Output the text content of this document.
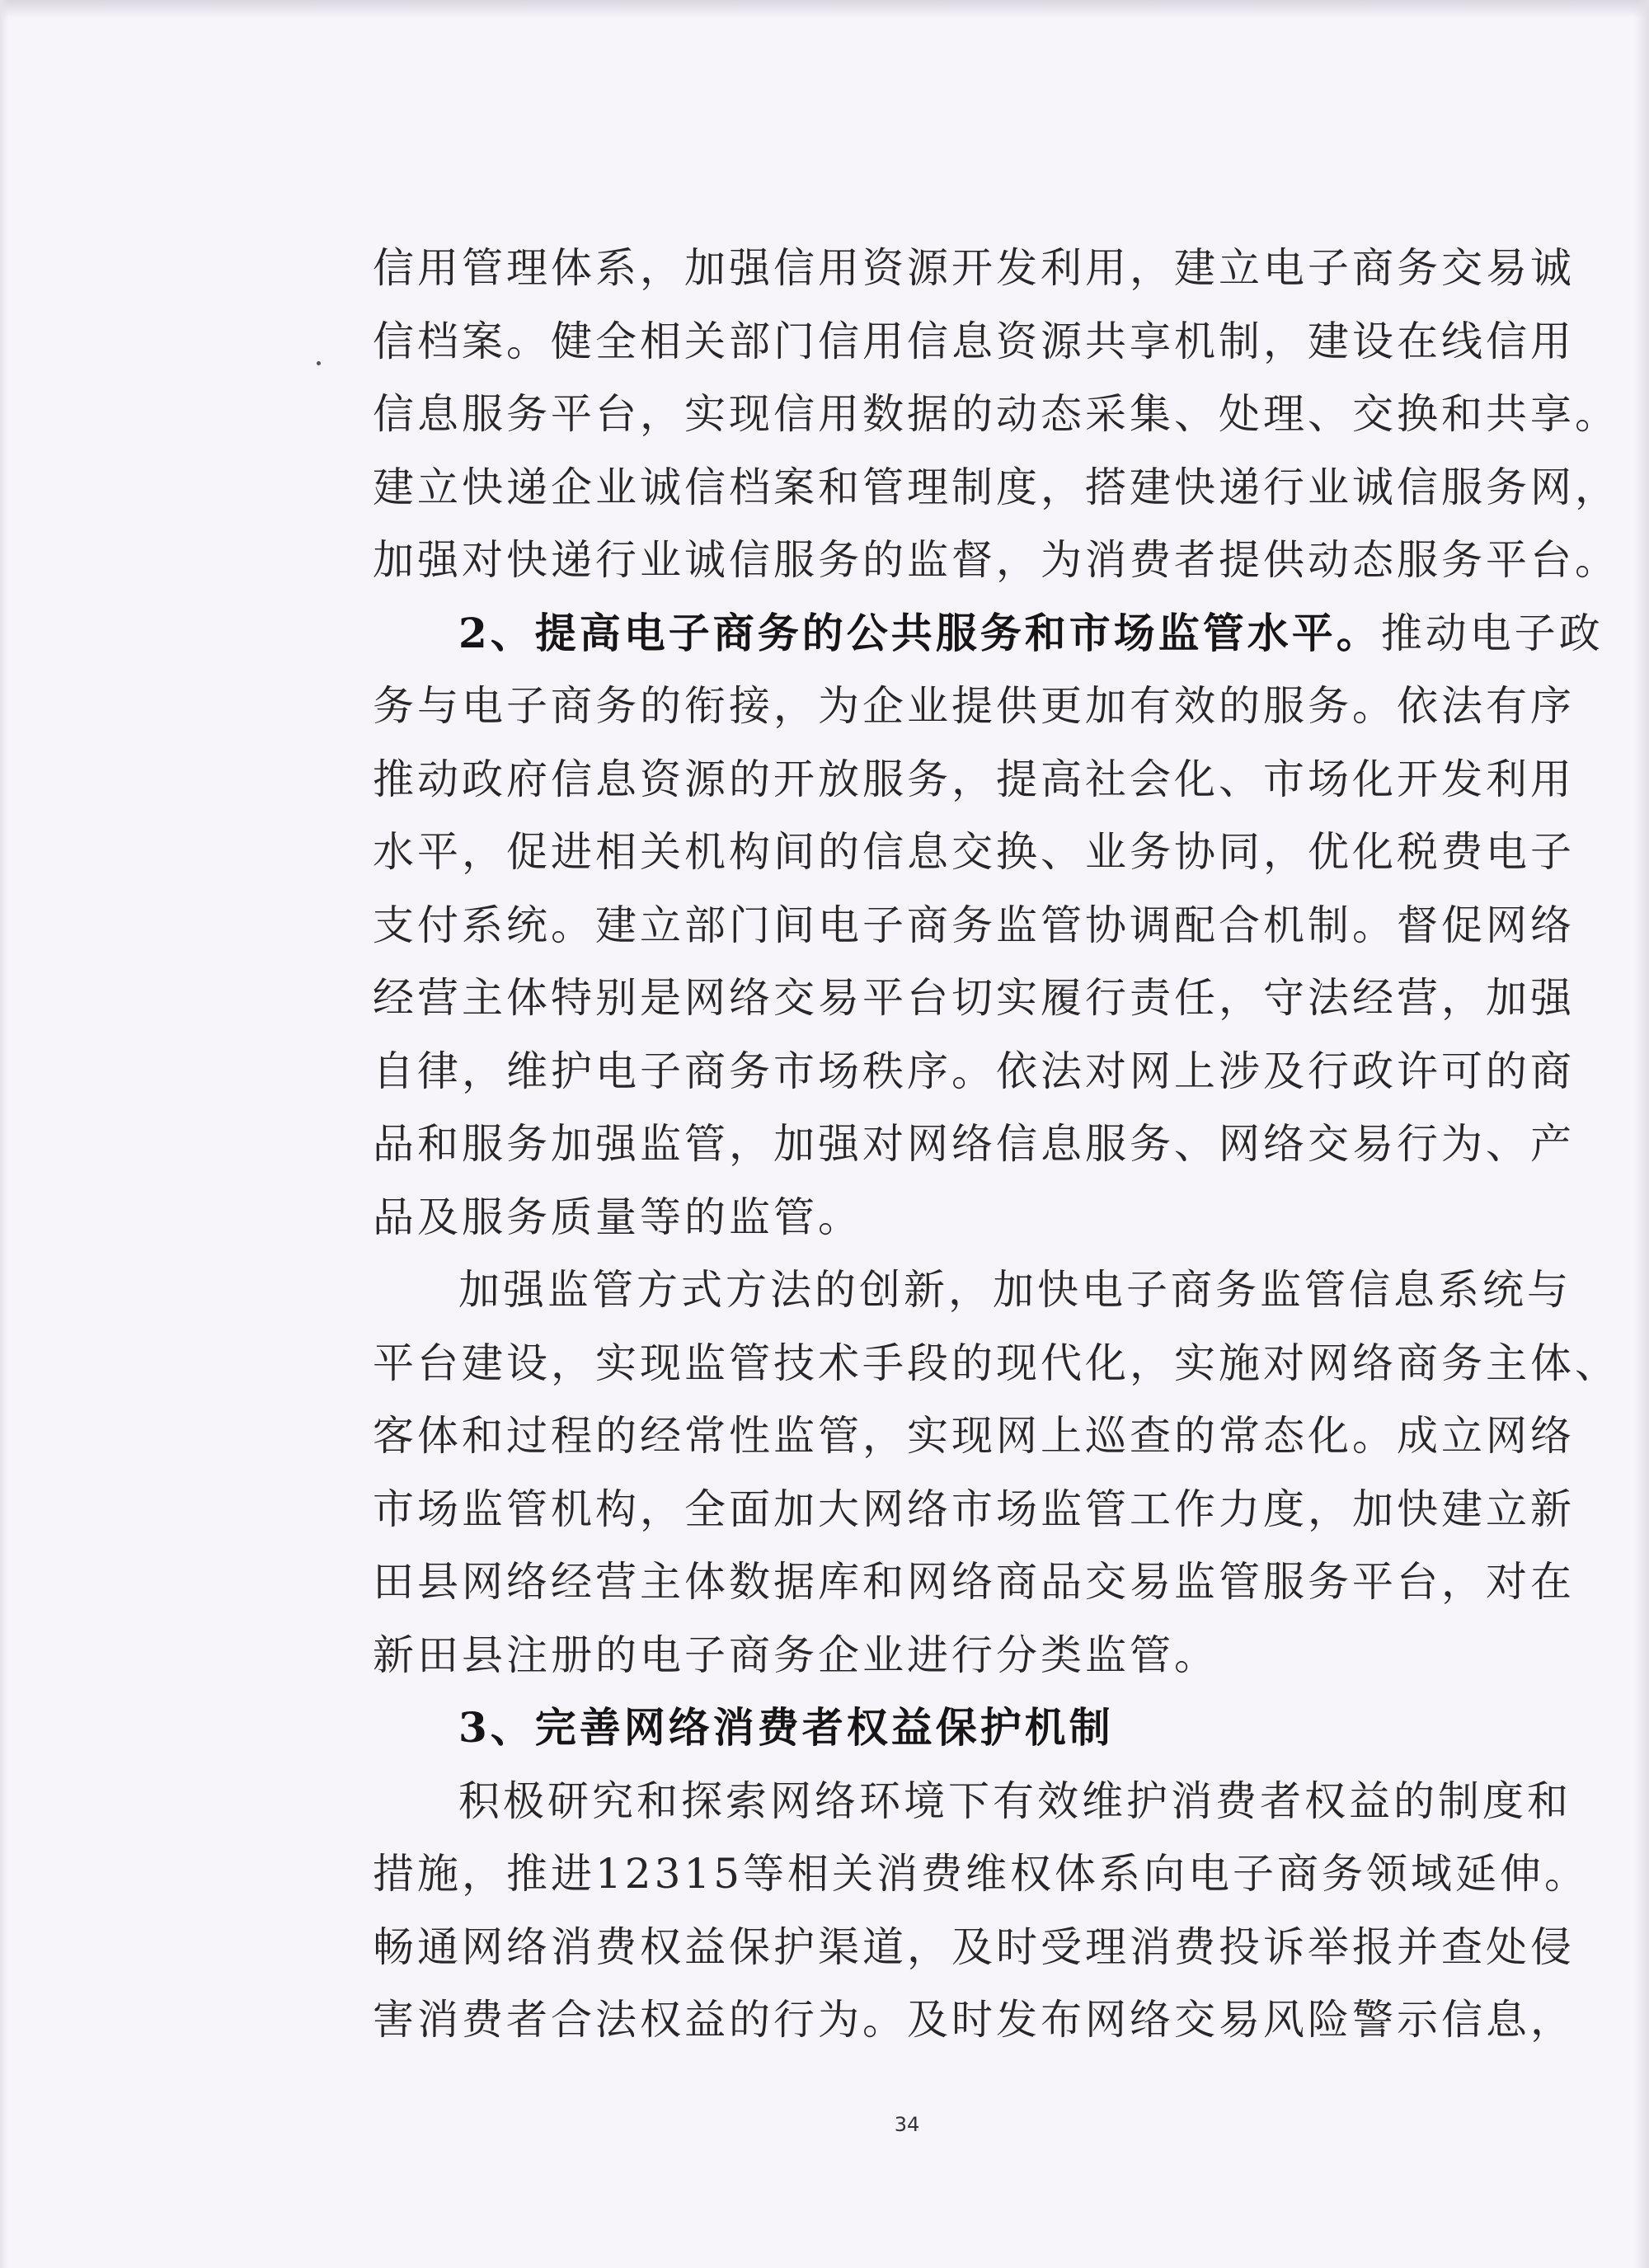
信用管理体系，加强信用资源开发利用，建立电子商务交易诚
信档案。健全相关部门信用信息资源共享机制，建设在线信用
信息服务平台，实现信用数据的动态采集、处理、交换和共享。
建立快递企业诚信档案和管理制度，搭建快递行业诚信服务网，
加强对快递行业诚信服务的监督，为消费者提供动态服务平台。
2、提高电子商务的公共服务和市场监管水平。推动电子政
务与电子商务的衔接，为企业提供更加有效的服务。依法有序
推动政府信息资源的开放服务，提高社会化、市场化开发利用
水平，促进相关机构间的信息交换、业务协同，优化税费电子
支付系统。建立部门间电子商务监管协调配合机制。督促网络
经营主体特别是网络交易平台切实履行责任，守法经营，加强
自律，维护电子商务市场秩序。依法对网上涉及行政许可的商
品和服务加强监管，加强对网络信息服务、网络交易行为、产
品及服务质量等的监管。
加强监管方式方法的创新，加快电子商务监管信息系统与
平台建设，实现监管技术手段的现代化，实施对网络商务主体、
客体和过程的经常性监管，实现网上巡查的常态化。成立网络
市场监管机构，全面加大网络市场监管工作力度，加快建立新
田县网络经营主体数据库和网络商品交易监管服务平台，对在
新田县注册的电子商务企业进行分类监管。
3、完善网络消费者权益保护机制
积极研究和探索网络环境下有效维护消费者权益的制度和
措施，推进12315等相关消费维权体系向电子商务领域延伸。
畅通网络消费权益保护渠道，及时受理消费投诉举报并查处侵
害消费者合法权益的行为。及时发布网络交易风险警示信息，
34
